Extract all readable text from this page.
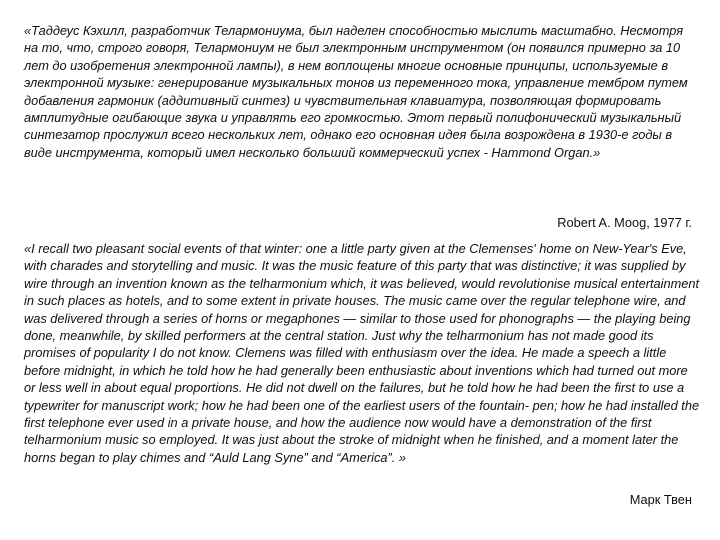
«Таддеус Кэхилл, разработчик Телармониума, был наделен способностью мыслить масштабно. Несмотря на то, что, строго говоря, Телармониум не был электронным инструментом (он появился примерно за 10 лет до изобретения электронной лампы), в нем воплощены многие основные принципы, используемые в электронной музыке: генерирование музыкальных тонов из переменного тока, управление тембром путем добавления гармоник (аддитивный синтез) и чувствительная клавиатура, позволяющая формировать амплитудные огибающие звука и управлять его громкостью. Этот первый полифонический музыкальный синтезатор прослужил всего нескольких лет, однако его основная идея была возрождена в 1930-е годы в виде инструмента, который имел несколько больший коммерческий успех - Hammond Organ.»

Robert A. Moog, 1977 г.

«I recall two pleasant social events of that winter: one a little party given at the Clemenses' home on New-Year's Eve, with charades and storytelling and music. It was the music feature of this party that was distinctive; it was supplied by wire through an invention known as the telharmonium which, it was believed, would revolutionise musical entertainment in such places as hotels, and to some extent in private houses. The music came over the regular telephone wire, and was delivered through a series of horns or megaphones — similar to those used for phonographs — the playing being done, meanwhile, by skilled performers at the central station. Just why the telharmonium has not made good its promises of popularity I do not know. Clemens was filled with enthusiasm over the idea. He made a speech a little before midnight, in which he told how he had generally been enthusiastic about inventions which had turned out more or less well in about equal proportions. He did not dwell on the failures, but he told how he had been the first to use a typewriter for manuscript work; how he had been one of the earliest users of the fountain- pen; how he had installed the first telephone ever used in a private house, and how the audience now would have a demonstration of the first telharmonium music so employed. It was just about the stroke of midnight when he finished, and a moment later the horns began to play chimes and “Auld Lang Syne” and “America”. »

Марк Твен
